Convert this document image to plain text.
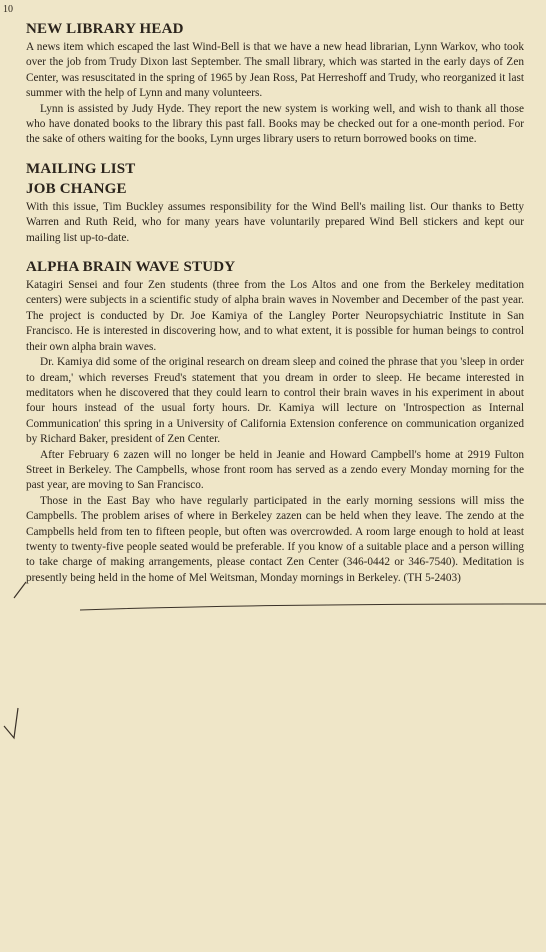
10
NEW LIBRARY HEAD

A news item which escaped the last Wind-Bell is that we have a new head librarian, Lynn Warkov, who took over the job from Trudy Dixon last September. The small library, which was started in the early days of Zen Center, was resuscitated in the spring of 1965 by Jean Ross, Pat Herreshoff and Trudy, who reorganized it last summer with the help of Lynn and many volunteers.

Lynn is assisted by Judy Hyde. They report the new system is working well, and wish to thank all those who have donated books to the library this past fall. Books may be checked out for a one-month period. For the sake of others waiting for the books, Lynn urges library users to return borrowed books on time.

MAILING LIST
JOB CHANGE

With this issue, Tim Buckley assumes responsibility for the Wind Bell's mailing list. Our thanks to Betty Warren and Ruth Reid, who for many years have voluntarily prepared Wind Bell stickers and kept our mailing list up-to-date.

ALPHA BRAIN WAVE STUDY

Katagiri Sensei and four Zen students (three from the Los Altos and one from the Berkeley meditation centers) were subjects in a scientific study of alpha brain waves in November and December of the past year. The project is conducted by Dr. Joe Kamiya of the Langley Porter Neuropsychiatric Institute in San Francisco. He is interested in discovering how, and to what extent, it is possible for human beings to control their own alpha brain waves.

Dr. Kamiya did some of the original research on dream sleep and coined the phrase that you 'sleep in order to dream,' which reverses Freud's statement that you dream in order to sleep. He became interested in meditators when he discovered that they could learn to control their brain waves in his experiment in about four hours instead of the usual forty hours. Dr. Kamiya will lecture on 'Introspection as Internal Communication' this spring in a University of California Extension conference on communication organized by Richard Baker, president of Zen Center.

After February 6 zazen will no longer be held in Jeanie and Howard Campbell's home at 2919 Fulton Street in Berkeley. The Campbells, whose front room has served as a zendo every Monday morning for the past year, are moving to San Francisco.

Those in the East Bay who have regularly participated in the early morning sessions will miss the Campbells. The problem arises of where in Berkeley zazen can be held when they leave. The zendo at the Campbells held from ten to fifteen people, but often was overcrowded. A room large enough to hold at least twenty to twenty-five people seated would be preferable. If you know of a suitable place and a person willing to take charge of making arrangements, please contact Zen Center (346-0442 or 346-7540). Meditation is presently being held in the home of Mel Weitsman, Monday mornings in Berkeley. (TH 5-2403)
